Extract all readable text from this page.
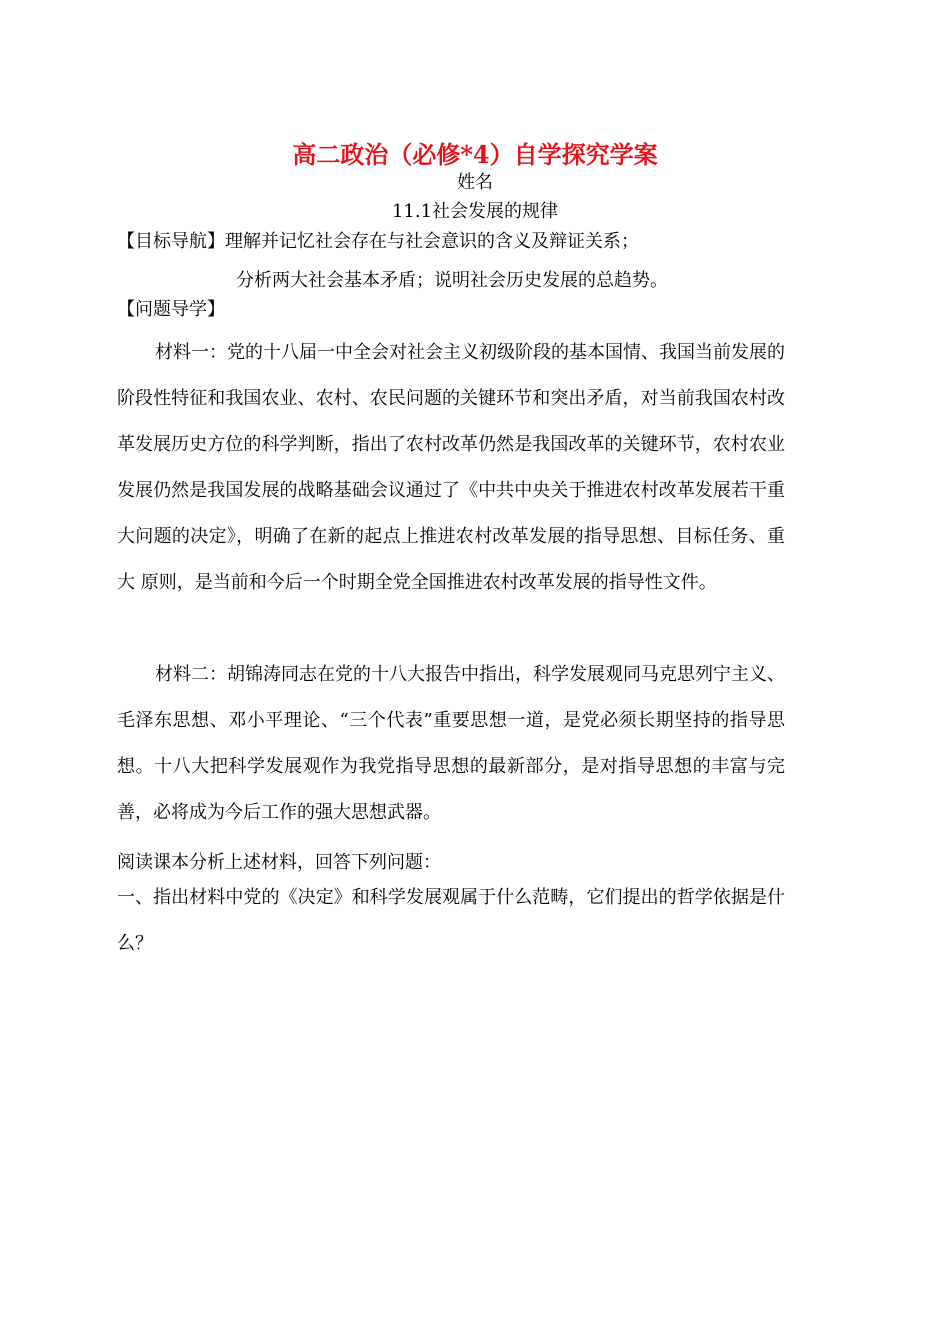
高二政治（必修*4）自学探究学案
姓名
11.1社会发展的规律
【目标导航】理解并记忆社会存在与社会意识的含义及辩证关系；
分析两大社会基本矛盾；说明社会历史发展的总趋势。
【问题导学】
材料一：党的十八届一中全会对社会主义初级阶段的基本国情、我国当前发展的阶段性特征和我国农业、农村、农民问题的关键环节和突出矛盾，对当前我国农村改革发展历史方位的科学判断，指出了农村改革仍然是我国改革的关键环节，农村农业发展仍然是我国发展的战略基础会议通过了《中共中央关于推进农村改革发展若干重大问题的决定》，明确了在新的起点上推进农村改革发展的指导思想、目标任务、重大 原则，是当前和今后一个时期全党全国推进农村改革发展的指导性文件。
材料二：胡锦涛同志在党的十八大报告中指出，科学发展观同马克思列宁主义、毛泽东思想、邓小平理论、“三个代表”重要思想一道，是党必须长期坚持的指导思想。十八大把科学发展观作为我党指导思想的最新部分，是对指导思想的丰富与完善，必将成为今后工作的强大思想武器。
阅读课本分析上述材料，回答下列问题：
一、指出材料中党的《决定》和科学发展观属于什么范畴，它们提出的哲学依据是什么？
